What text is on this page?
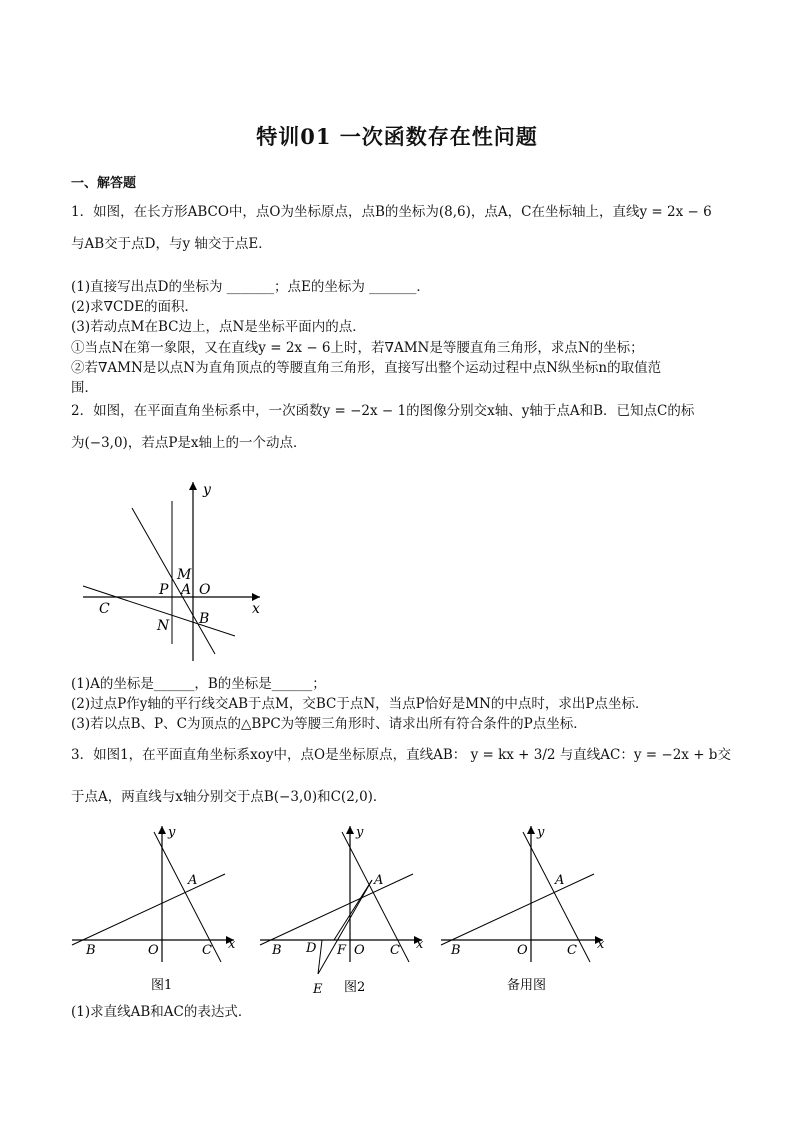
特训01 一次函数存在性问题
一、解答题
1．如图，在长方形ABCO中，点O为坐标原点，点B的坐标为(8,6)，点A，C在坐标轴上，直线y = 2x − 6
与AB交于点D，与y 轴交于点E．
(1)直接写出点D的坐标为 _______；点E的坐标为 _______．
(2)求∇CDE的面积．
(3)若动点M在BC边上，点N是坐标平面内的点．
①当点N在第一象限，又在直线y = 2x − 6上时，若∇AMN是等腰直角三角形，求点N的坐标；
②若∇AMN是以点N为直角顶点的等腰直角三角形，直接写出整个运动过程中点N纵坐标n的取值范
围．
2．如图，在平面直角坐标系中，一次函数y = −2x − 1的图像分别交x轴、y轴于点A和B．已知点C的标
为(−3,0)，若点P是x轴上的一个动点．
y
x
M
P A O
C
N B
(1)A的坐标是______，B的坐标是______；
(2)过点P作y轴的平行线交AB于点M，交BC于点N，当点P恰好是MN的中点时，求出P点坐标．
(3)若以点B、P、C为顶点的△BPC为等腰三角形时、请求出所有符合条件的P点坐标．
3．如图1，在平面直角坐标系xoy中，点O是坐标原点，直线AB： y = kx + 3/2 与直线AC：y = −2x + b交
于点A，两直线与x轴分别交于点B(−3,0)和C(2,0)．
y
x
A
B	O	C
图1
y
x
A
B D F O C
E 图2
y
x
A
B	O	C
备用图
(1)求直线AB和AC的表达式．
